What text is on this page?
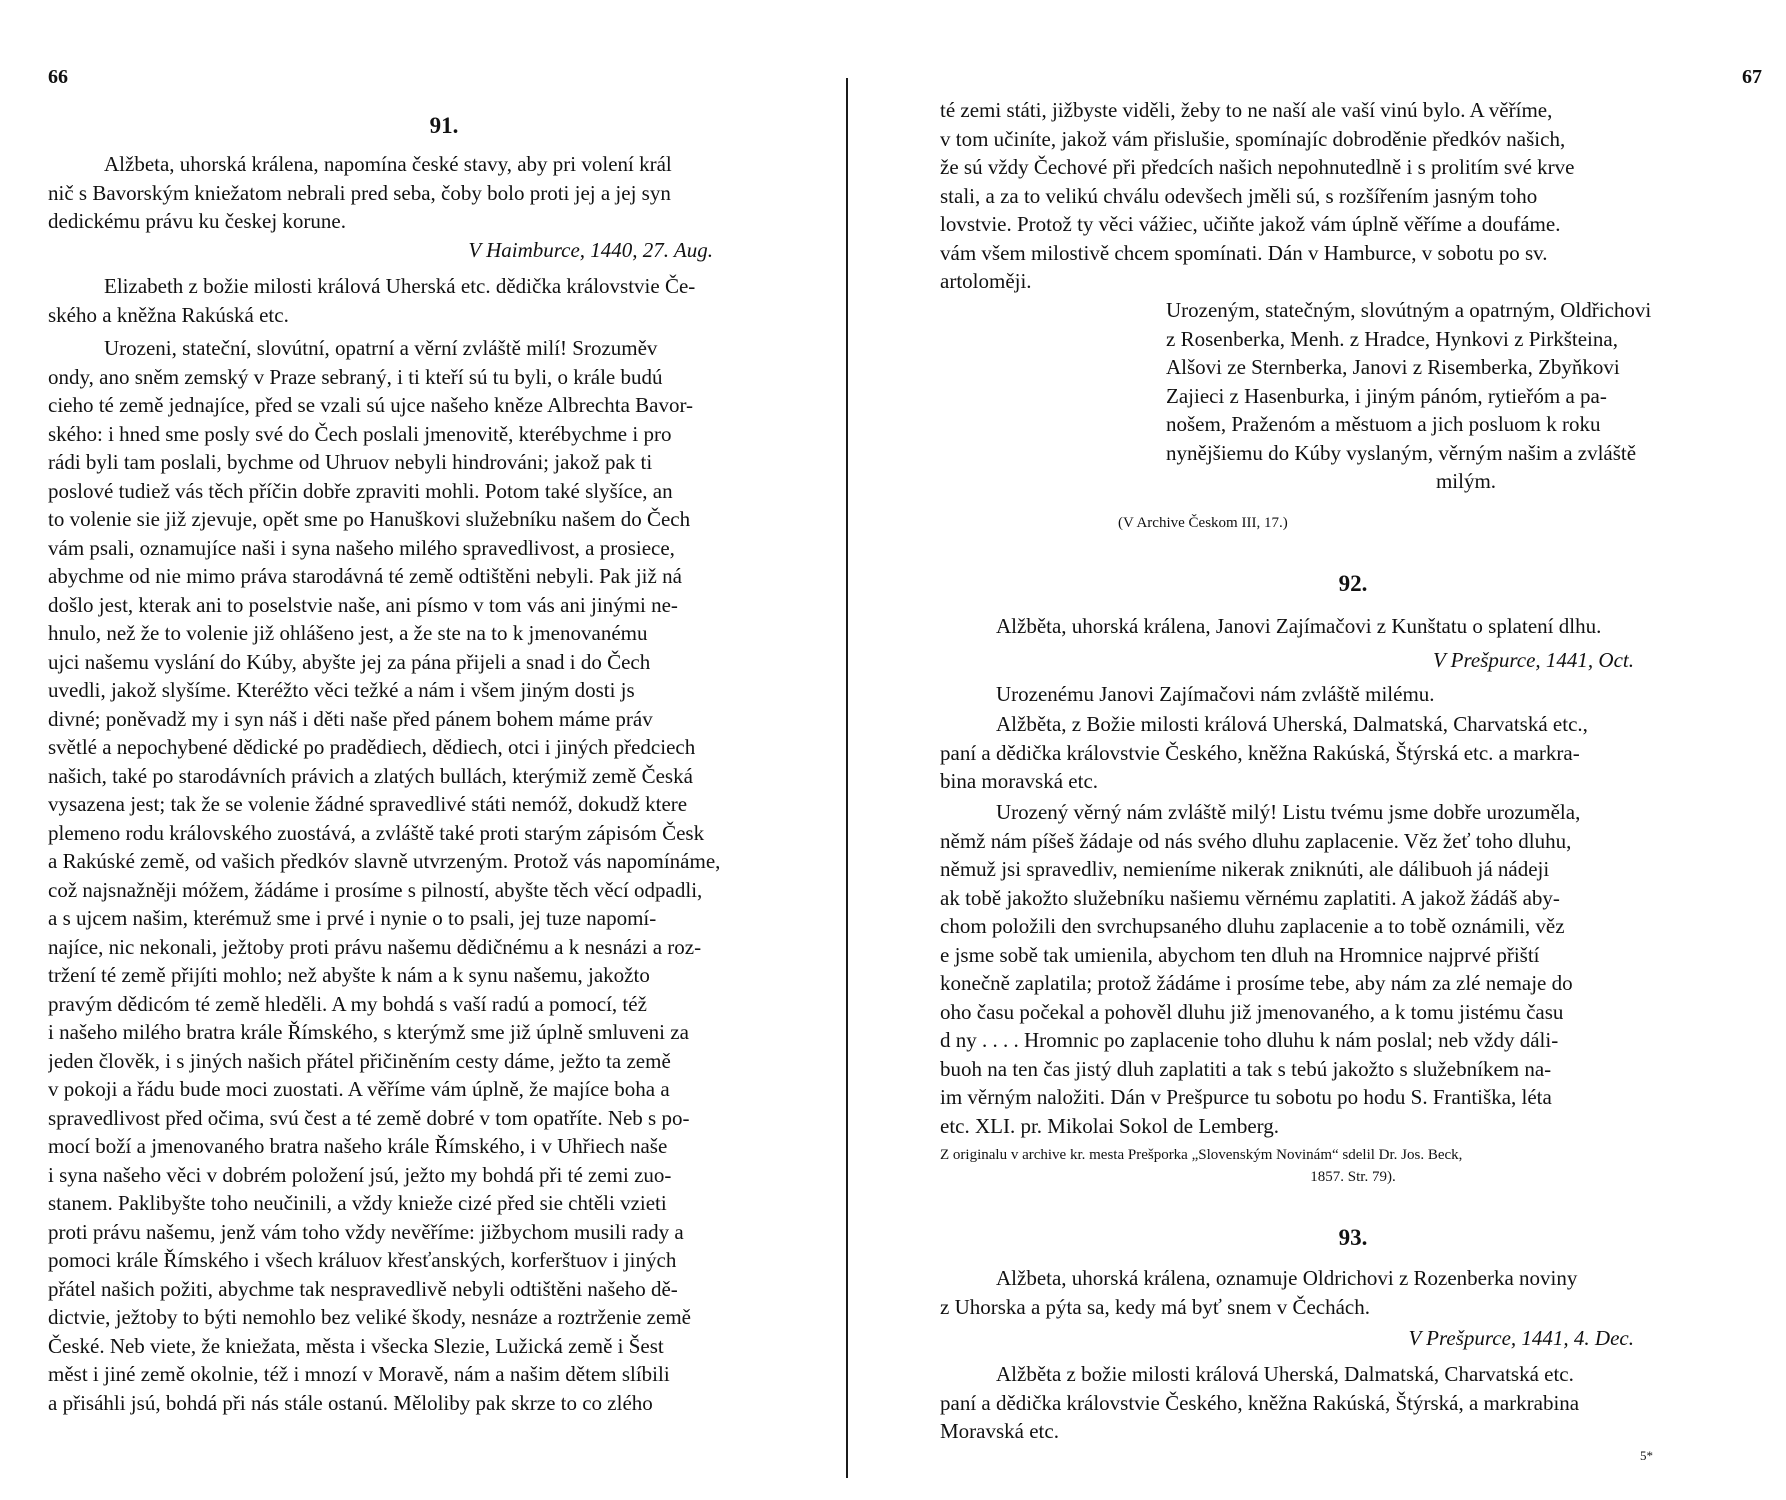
66
91.
Alžbeta, uhorská králena, napomína české stavy, aby pri volení král
nič s Bavorským kniežatom nebrali pred seba, čoby bolo proti jej a jej syn
dedickému právu ku českej korune.
V Haimburce, 1440, 27. Aug.
Elizabeth z božie milosti králová Uherská etc. dědička královstvie Če-
ského a kněžna Rakúská etc.
Urozeni, stateční, slovútní, opatrní a věrní zvláště milí! Srozuměv
ondy, ano sněm zemský v Praze sebraný, i ti kteří sú tu byli, o krále budú
cieho té země jednajíce, před se vzali sú ujce našeho kněze Albrechta Bavor-
ského: i hned sme posly své do Čech poslali jmenovitě, kterébychme i pro
rádi byli tam poslali, bychme od Uhruov nebyli hindrováni; jakož pak ti
poslové tudiež vás těch příčin dobře zpraviti mohli. Potom také slyšíce, an
to volenie sie již zjevuje, opět sme po Hanuškovi služebníku našem do Čech
vám psali, oznamujíce naši i syna našeho milého spravedlivost, a prosiece,
abychme od nie mimo práva starodávná té země odtištěni nebyli. Pak již ná
došlo jest, kterak ani to poselstvie naše, ani písmo v tom vás ani jinými ne-
hnulo, než že to volenie již ohlášeno jest, a že ste na to k jmenovanému
ujci našemu vyslání do Kúby, abyšte jej za pána přijeli a snad i do Čech
uvedli, jakož slyšíme. Kteréžto věci težké a nám i všem jiným dosti js
divné; poněvadž my i syn náš i děti naše před pánem bohem máme práv
světlé a nepochybené dědické po pradědiech, dědiech, otci i jiných předciech
našich, také po starodávních právich a zlatých bullách, kterýmiž země Česká
vysazena jest; tak že se volenie žádné spravedlivé státi nemóž, dokudž ktere
plemeno rodu královského zuostává, a zvláště také proti starým zápisóm Česk
a Rakúské země, od vašich předkóv slavně utvrzeným. Protož vás napomínáme,
což najsnažněji móžem, žádáme i prosíme s pilností, abyšte těch věcí odpadli,
a s ujcem našim, kterémuž sme i prvé i nynie o to psali, jej tuze napomí-
najíce, nic nekonali, ježtoby proti právu našemu dědičnému a k nesnázi a roz-
tržení té země přijíti mohlo; než abyšte k nám a k synu našemu, jakožto
pravým dědicóm té země hleděli. A my bohdá s vaší radú a pomocí, též
i našeho milého bratra krále Římského, s kterýmž sme již úplně smluveni za
jeden člověk, i s jiných našich přátel přičiněním cesty dáme, ježto ta země
v pokoji a řádu bude moci zuostati. A věříme vám úplně, že majíce boha a
spravedlivost před očima, svú čest a té země dobré v tom opatříte. Neb s po-
mocí boží a jmenovaného bratra našeho krále Římského, i v Uhřiech naše
i syna našeho věci v dobrém položení jsú, ježto my bohdá při té zemi zuo-
stanem. Paklibyšte toho neučinili, a vždy knieže cizé před sie chtěli vzieti
proti právu našemu, jenž vám toho vždy nevěříme: jižbychom musili rady a
pomoci krále Římského i všech králuov křesťanských, korferštuov i jiných
přátel našich požiti, abychme tak nespravedlivě nebyli odtištěni našeho dě-
dictvie, ježtoby to býti nemohlo bez veliké škody, nesnáze a roztrženie země
České. Neb viete, že kniežata, města i všecka Slezie, Lužická země i Šest
měst i jiné země okolnie, též i mnozí v Moravě, nám a našim dětem slíbili
a přisáhli jsú, bohdá při nás stále ostanú. Měloliby pak skrze to co zlého
67
té zemi státi, jižbyste viděli, žeby to ne naší ale vaší vinú bylo. A věříme,
v tom učiníte, jakož vám přislušie, spomínajíc dobroděnie předkóv našich,
že sú vždy Čechové při předcích našich nepohnutedlně i s prolitím své krve
stali, a za to velikú chválu odevšech jměli sú, s rozšířením jasným toho
lovstvie. Protož ty věci vážiec, učiňte jakož vám úplně věříme a doufáme.
vám všem milostivě chcem spomínati. Dán v Hamburce, v sobotu po sv.
artoloměji.
Urozeným, statečným, slovútným a opatrným, Oldřichovi
z Rosenberka, Menh. z Hradce, Hynkovi z Pirkšteina,
Alšovi ze Sternberka, Janovi z Risemberka, Zbyňkovi
Zajieci z Hasenburka, i jiným pánóm, rytieřóm a pa-
nošem, Praženóm a městuom a jich posluom k roku
nynějšiemu do Kúby vyslaným, věrným našim a zvláště
milým.
(V Archive Českom III, 17.)
92.
Alžběta, uhorská králena, Janovi Zajímačovi z Kunštatu o splatení dlhu.
V Prešpurce, 1441, Oct.
Urozenému Janovi Zajímačovi nám zvláště milému.
Alžběta, z Božie milosti králová Uherská, Dalmatská, Charvatská etc.,
paní a dědička královstvie Českého, kněžna Rakúská, Štýrská etc. a markra-
bina moravská etc.
Urozený věrný nám zvláště milý! Listu tvému jsme dobře urozuměla,
němž nám píšeš žádaje od nás svého dluhu zaplacenie. Věz žeť toho dluhu,
němuž jsi spravedliv, nemieníme nikerak zniknúti, ale dálibuoh já nádeji
ak tobě jakožto služebníku našiemu věrnému zaplatiti. A jakož žádáš aby-
chom položili den svrchupsaného dluhu zaplacenie a to tobě oznámili, věz
e jsme sobě tak umienila, abychom ten dluh na Hromnice najprvé přiští
konečně zaplatila; protož žádáme i prosíme tebe, aby nám za zlé nemaje do
oho času počekal a pohověl dluhu již jmenovaného, a k tomu jistému času
d ny . . . . Hromnic po zaplacenie toho dluhu k nám poslal; neb vždy dáli-
buoh na ten čas jistý dluh zaplatiti a tak s tebú jakožto s služebníkem na-
im věrným naložiti. Dán v Prešpurce tu sobotu po hodu S. Františka, léta
etc. XLI. pr. Mikolai Sokol de Lemberg.
Z originalu v archive kr. mesta Prešporka „Slovenským Novinám“ sdelil Dr. Jos. Beck,
1857. Str. 79).
93.
Alžbeta, uhorská králena, oznamuje Oldrichovi z Rozenberka noviny
z Uhorska a pýta sa, kedy má byť snem v Čechách.
V Prešpurce, 1441, 4. Dec.
Alžběta z božie milosti králová Uherská, Dalmatská, Charvatská etc.
paní a dědička královstvie Českého, kněžna Rakúská, Štýrská, a markrabina
Moravská etc.
5*
